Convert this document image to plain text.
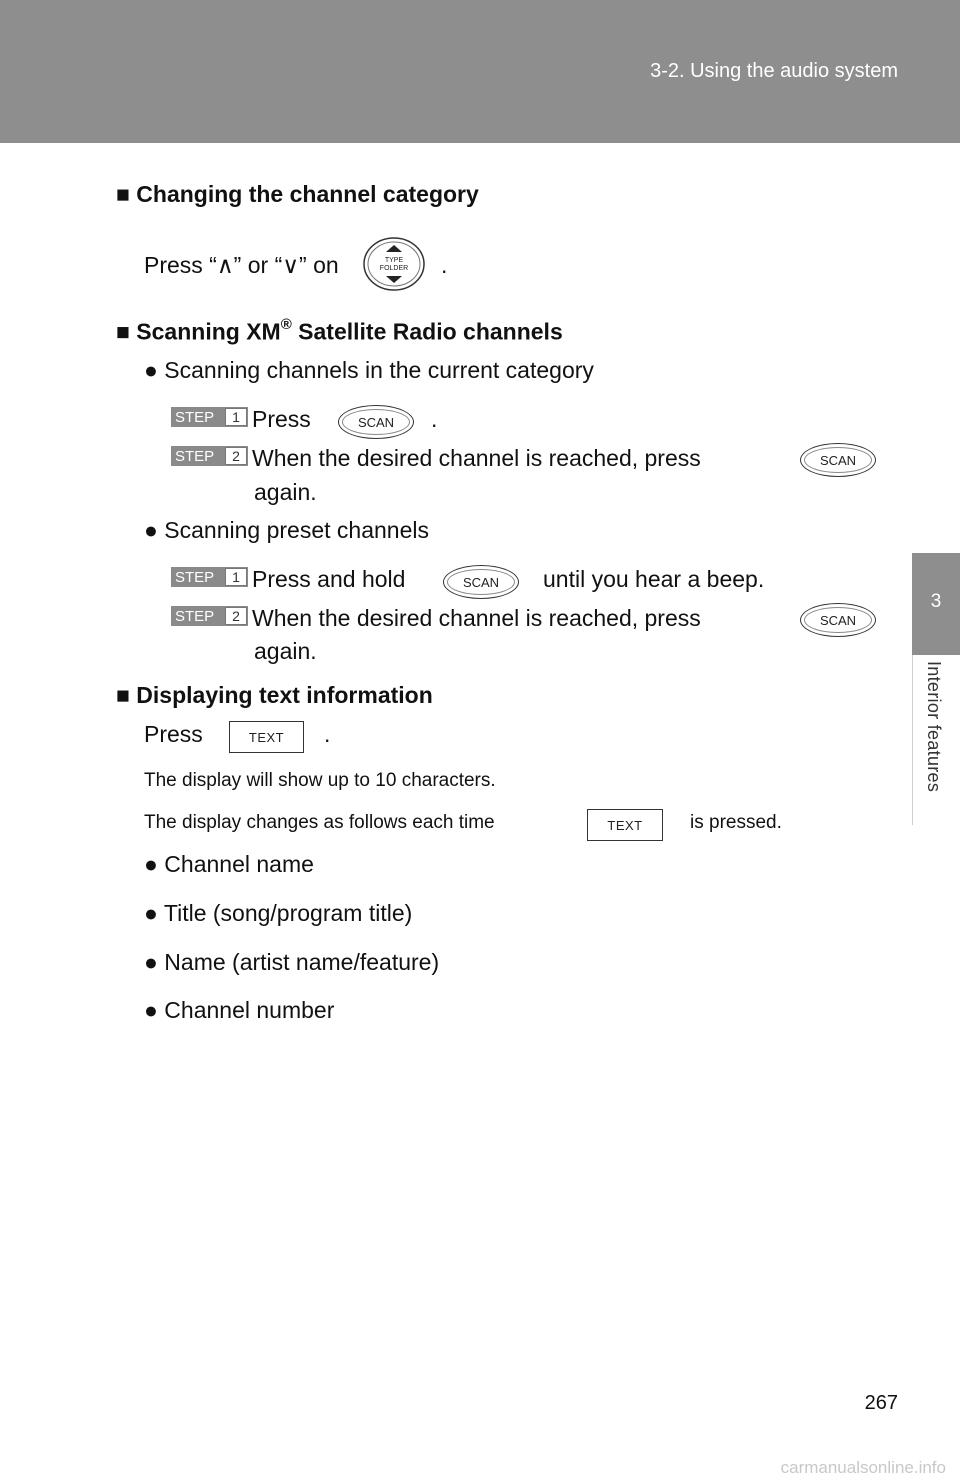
3-2. Using the audio system
3
Interior features
■ Changing the channel category
Press “∧” or “∨” on	TYPE
FOLDER .
■ Scanning XM® Satellite Radio channels
● Scanning channels in the current category
STEP	1 Press	SCAN	.
STEP	2 When the desired channel is reached, press	SCAN
again.
● Scanning preset channels
STEP	1 Press and hold	SCAN	until you hear a beep.
STEP	2 When the desired channel is reached, press	SCAN
again.
■ Displaying text information
Press	TEXT	.
The display will show up to 10 characters.
The display changes as follows each time	TEXT	is pressed.
● Channel name
● Title (song/program title)
● Name (artist name/feature)
● Channel number
267
carmanualsonline.info
